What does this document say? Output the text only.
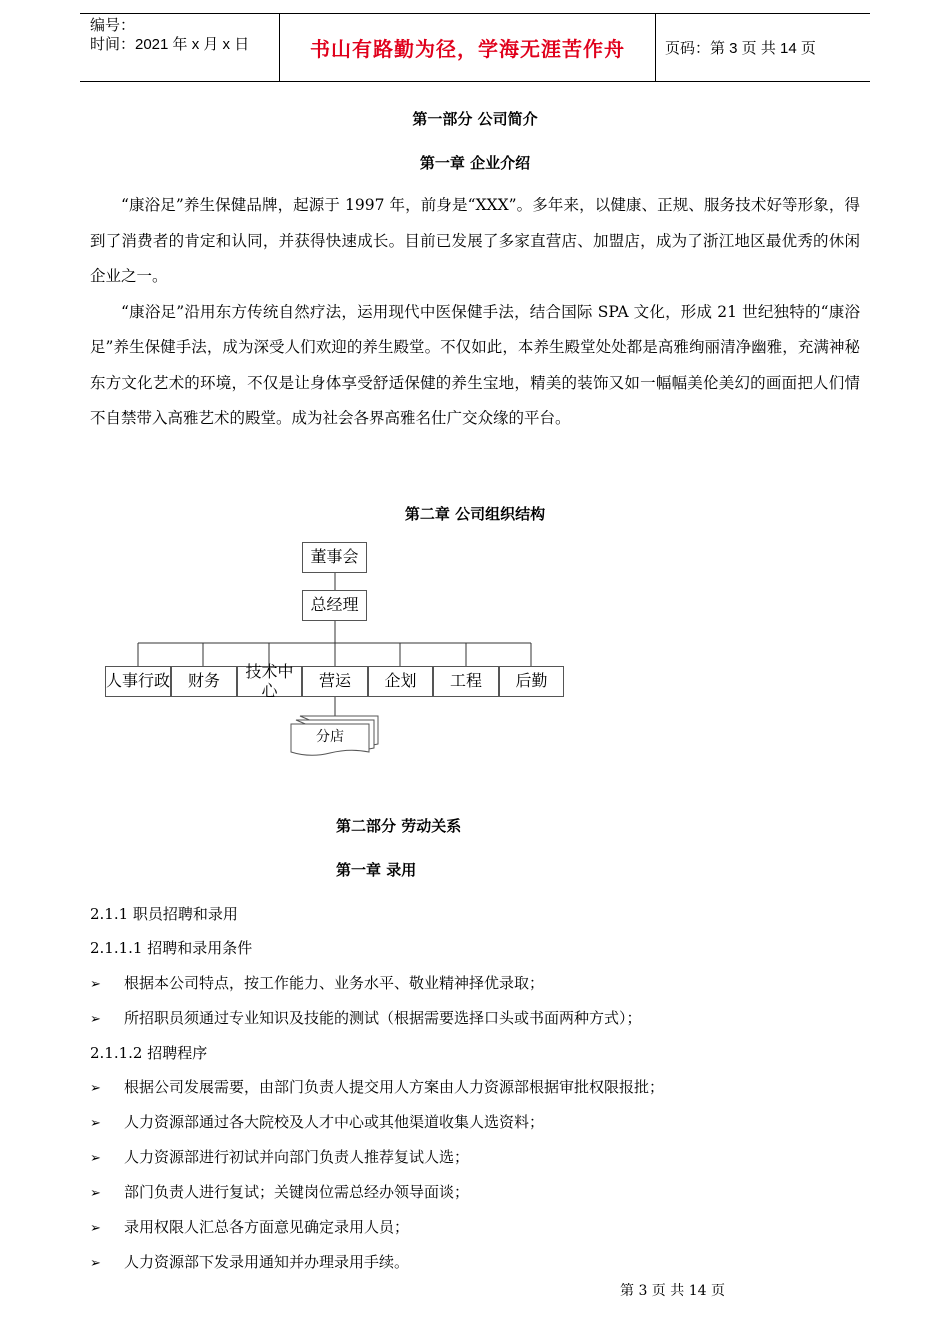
编号：
时间：2021 年 x 月 x 日	书山有路勤为径，学海无涯苦作舟	页码：第 3 页 共 14 页
第一部分 公司简介
第一章 企业介绍

“康浴足”养生保健品牌，起源于 1997 年，前身是“XXX”。多年来，以健康、正规、服务技术好等形象，得到了消费者的肯定和认同，并获得快速成长。目前已发展了多家直营店、加盟店，成为了浙江地区最优秀的休闲企业之一。

“康浴足”沿用东方传统自然疗法，运用现代中医保健手法，结合国际 SPA 文化，形成 21 世纪独特的“康浴足”养生保健手法，成为深受人们欢迎的养生殿堂。不仅如此，本养生殿堂处处都是高雅绚丽清净幽雅，充满神秘东方文化艺术的环境，不仅是让身体享受舒适保健的养生宝地，精美的装饰又如一幅幅美伦美幻的画面把人们情不自禁带入高雅艺术的殿堂。成为社会各界高雅名仕广交众缘的平台。

第二章 公司组织结构
董事会
总经理
人事行政	财务
技术中心
营运	企划	工程	后勤
分店
第二部分 劳动关系
第一章 录用
2.1.1 职员招聘和录用
2.1.1.1 招聘和录用条件
➢ 根据本公司特点，按工作能力、业务水平、敬业精神择优录取；
➢ 所招职员须通过专业知识及技能的测试（根据需要选择口头或书面两种方式）；
2.1.1.2 招聘程序
➢ 根据公司发展需要，由部门负责人提交用人方案由人力资源部根据审批权限报批；
➢ 人力资源部通过各大院校及人才中心或其他渠道收集人选资料；
➢ 人力资源部进行初试并向部门负责人推荐复试人选；
➢ 部门负责人进行复试；关键岗位需总经办领导面谈；
➢ 录用权限人汇总各方面意见确定录用人员；
➢ 人力资源部下发录用通知并办理录用手续。
第 3 页 共 14 页
